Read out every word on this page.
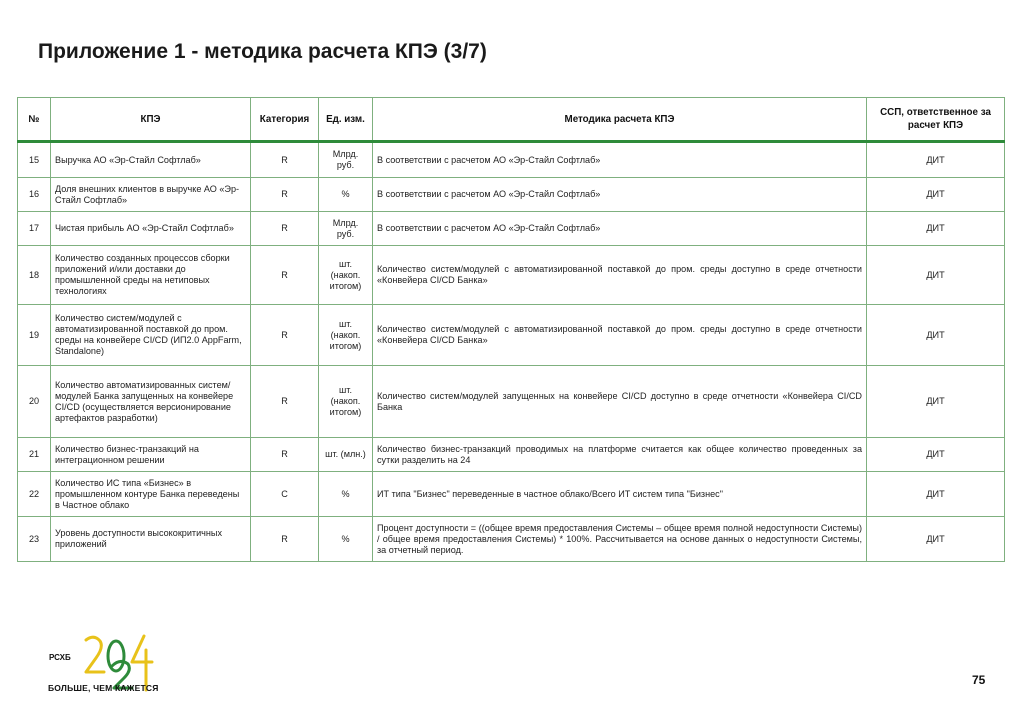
Приложение 1 - методика расчета КПЭ (3/7)
№	КПЭ	Категория	Ед. изм.	Методика расчета КПЭ	ССП, ответственное за расчет КПЭ
15	Выручка АО «Эр-Стайл Софтлаб»	R	Млрд. руб.	В соответствии с расчетом АО «Эр-Стайл Софтлаб»	ДИТ
16	Доля внешних клиентов в выручке АО «Эр-Стайл Софтлаб»	R	%	В соответствии с расчетом АО «Эр-Стайл Софтлаб»	ДИТ
17	Чистая прибыль АО «Эр-Стайл Софтлаб»	R	Млрд. руб.	В соответствии с расчетом АО «Эр-Стайл Софтлаб»	ДИТ
18	Количество созданных процессов сборки приложений и/или доставки до промышленной среды на нетиповых технологиях	R	шт. (накоп. итогом)	Количество систем/модулей с автоматизированной поставкой до пром. среды доступно в среде отчетности «Конвейера CI/CD Банка»	ДИТ
19	Количество систем/модулей с автоматизированной поставкой до пром. среды на конвейере CI/CD (ИП2.0 AppFarm, Standalone)	R	шт. (накоп. итогом)	Количество систем/модулей с автоматизированной поставкой до пром. среды доступно в среде отчетности «Конвейера CI/CD Банка»	ДИТ
20	Количество автоматизированных систем/модулей Банка запущенных на конвейере CI/CD (осуществляется версионирование артефактов разработки)	R	шт. (накоп. итогом)	Количество систем/модулей запущенных на конвейере CI/CD доступно в среде отчетности «Конвейера CI/CD Банка	ДИТ
21	Количество бизнес-транзакций на интеграционном решении	R	шт. (млн.)	Количество бизнес-транзакций проводимых на платформе считается как общее количество проведенных за сутки разделить на 24	ДИТ
22	Количество ИС типа «Бизнес» в промышленном контуре Банка переведены в Частное облако	C	%	ИТ типа "Бизнес" переведенные в частное облако/Всего ИТ систем типа "Бизнес"	ДИТ
23	Уровень доступности высококритичных приложений	R	%	Процент доступности = ((общее время предоставления Системы – общее время полной недоступности Системы) / общее время предоставления Системы) * 100%. Рассчитывается на основе данных о недоступности Системы, за отчетный период.	ДИТ
РСХБ
БОЛЬШЕ, ЧЕМ КАЖЕТСЯ
75
